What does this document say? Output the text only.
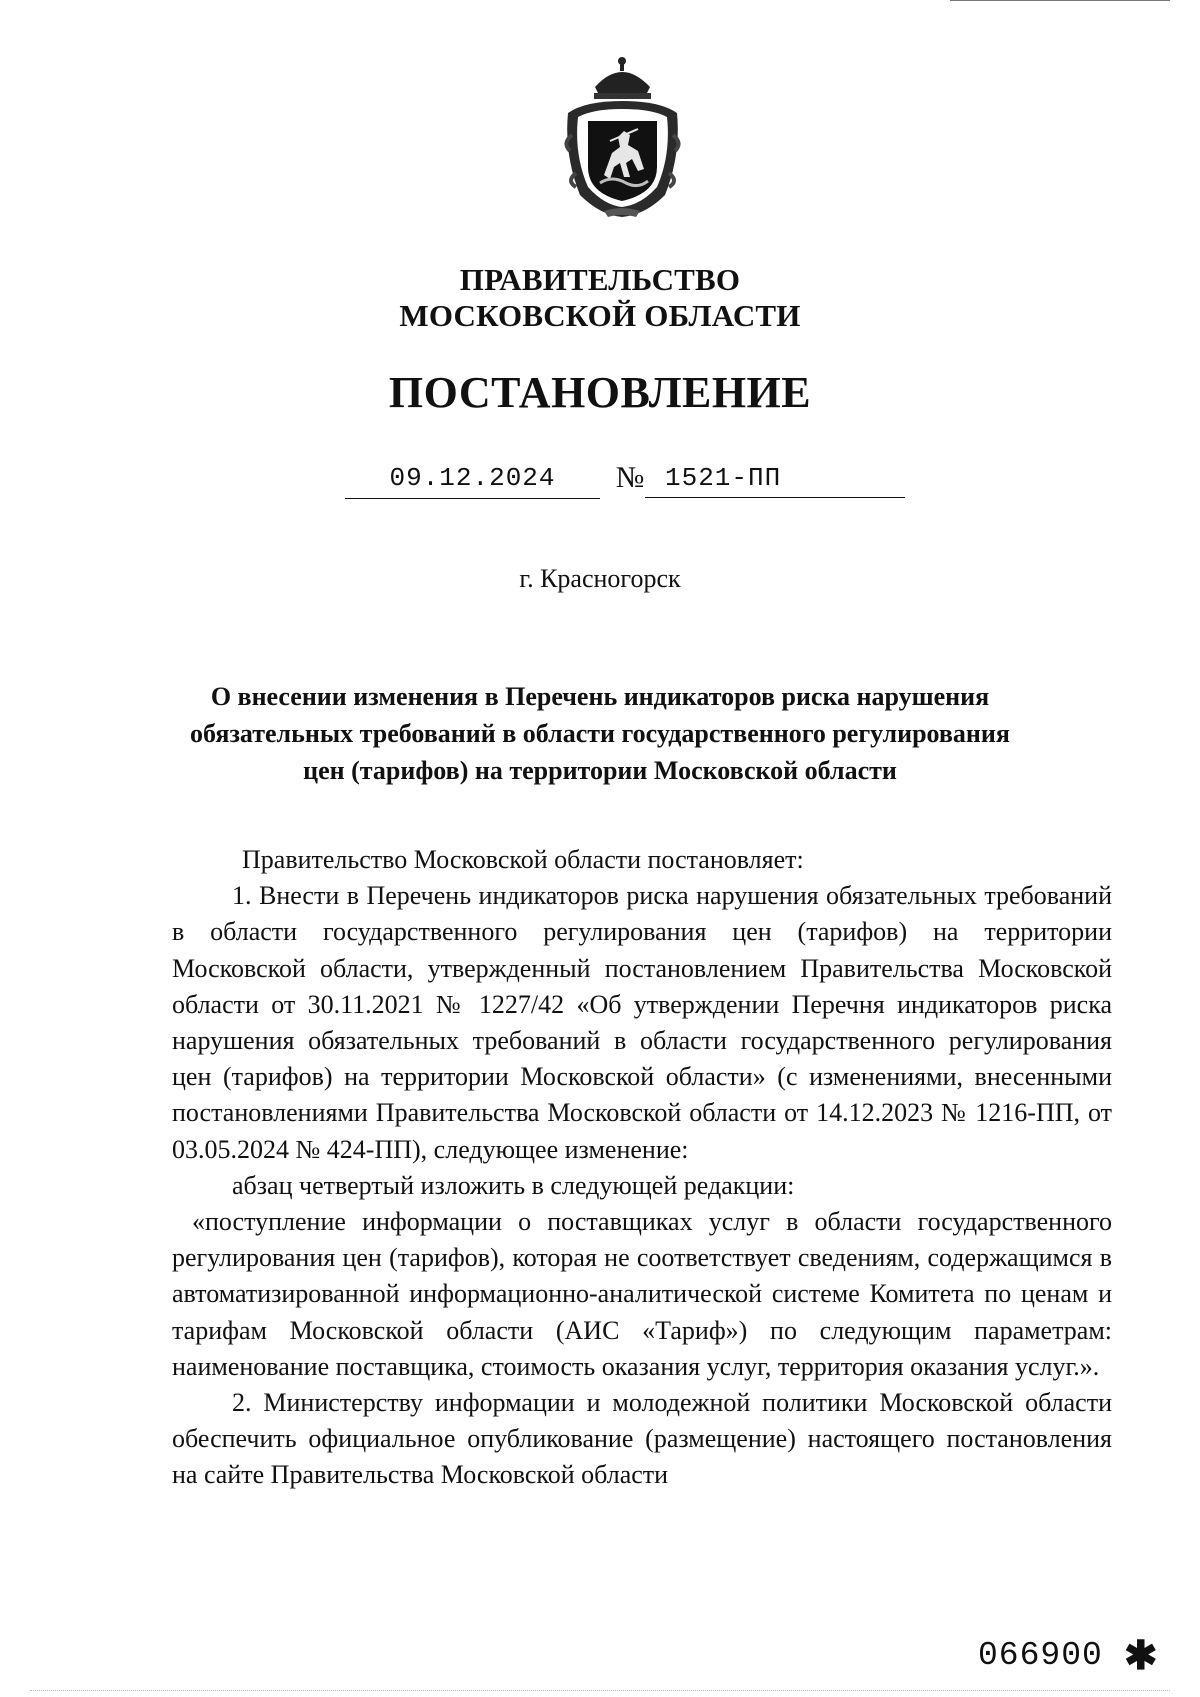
ПРАВИТЕЛЬСТВО
МОСКОВСКОЙ ОБЛАСТИ
ПОСТАНОВЛЕНИЕ
09.12.2024	№ 1521-ПП
г. Красногорск
О внесении изменения в Перечень индикаторов риска нарушения
обязательных требований в области государственного регулирования
цен (тарифов) на территории Московской области

Правительство Московской области постановляет:

1. Внести в Перечень индикаторов риска нарушения обязательных требований в области государственного регулирования цен (тарифов) на территории Московской области, утвержденный постановлением Правительства Московской области от 30.11.2021 № 1227/42 «Об утверждении Перечня индикаторов риска нарушения обязательных требований в области государственного регулирования цен (тарифов) на территории Московской области» (с изменениями, внесенными постановлениями Правительства Московской области от 14.12.2023 № 1216-ПП, от 03.05.2024 № 424-ПП), следующее изменение:

абзац четвертый изложить в следующей редакции:

«поступление информации о поставщиках услуг в области государственного регулирования цен (тарифов), которая не соответствует сведениям, содержащимся в автоматизированной информационно-аналитической системе Комитета по ценам и тарифам Московской области (АИС «Тариф») по следующим параметрам: наименование поставщика, стоимость оказания услуг, территория оказания услуг.».

2. Министерству информации и молодежной политики Московской области обеспечить официальное опубликование (размещение) настоящего постановления на сайте Правительства Московской области

066900 ✱
